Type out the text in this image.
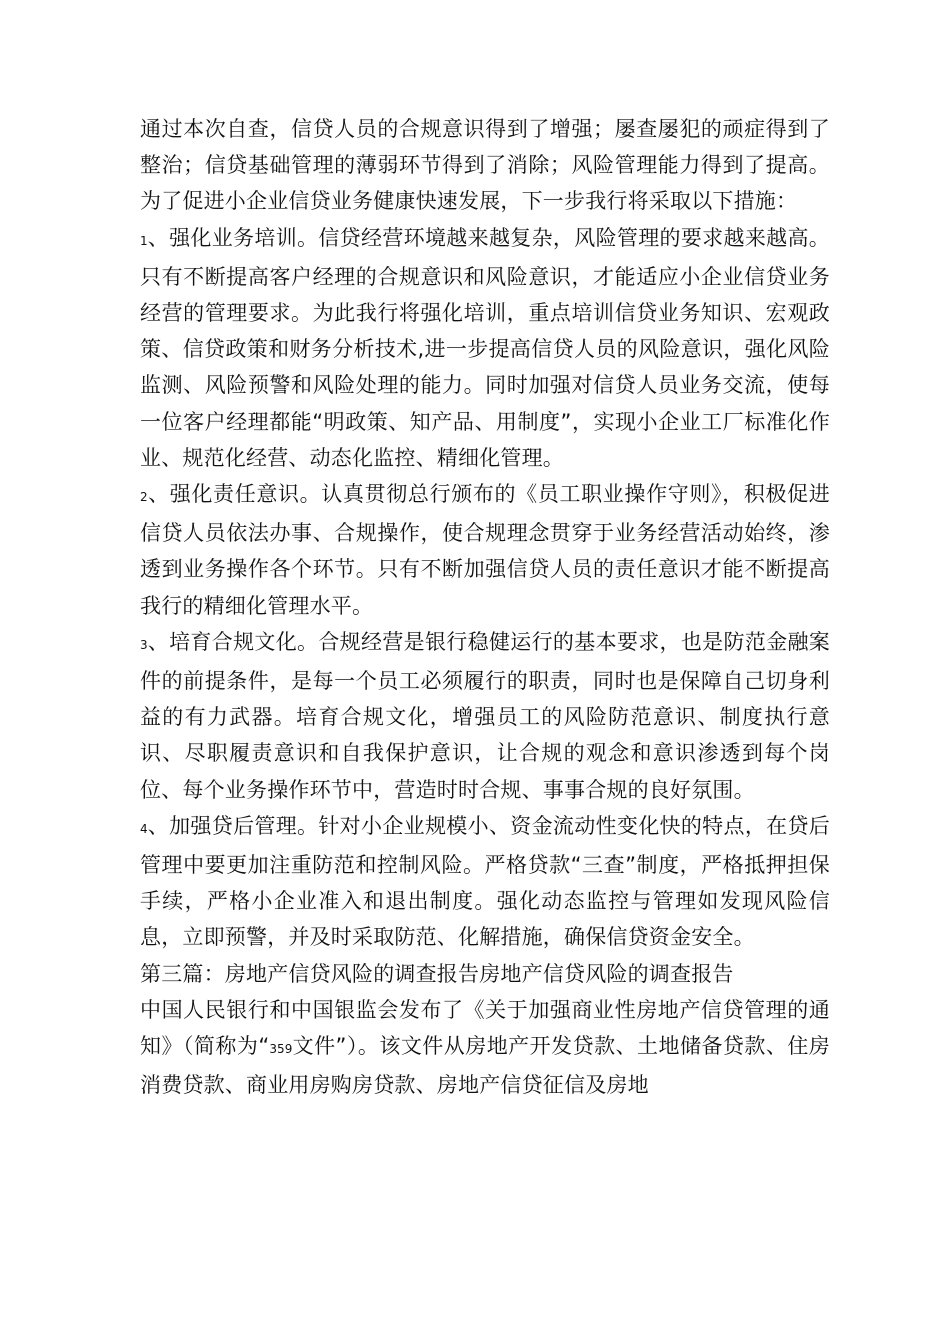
通过本次自查，信贷人员的合规意识得到了增强；屡查屡犯的顽症得到了整治；信贷基础管理的薄弱环节得到了消除；风险管理能力得到了提高。为了促进小企业信贷业务健康快速发展，下一步我行将采取以下措施：

1、强化业务培训。信贷经营环境越来越复杂，风险管理的要求越来越高。只有不断提高客户经理的合规意识和风险意识，才能适应小企业信贷业务经营的管理要求。为此我行将强化培训，重点培训信贷业务知识、宏观政策、信贷政策和财务分析技术,进一步提高信贷人员的风险意识，强化风险监测、风险预警和风险处理的能力。同时加强对信贷人员业务交流，使每一位客户经理都能“明政策、知产品、用制度”，实现小企业工厂标准化作业、规范化经营、动态化监控、精细化管理。

2、强化责任意识。认真贯彻总行颁布的《员工职业操作守则》，积极促进信贷人员依法办事、合规操作，使合规理念贯穿于业务经营活动始终，渗透到业务操作各个环节。只有不断加强信贷人员的责任意识才能不断提高我行的精细化管理水平。

3、培育合规文化。合规经营是银行稳健运行的基本要求，也是防范金融案件的前提条件，是每一个员工必须履行的职责，同时也是保障自己切身利益的有力武器。培育合规文化，增强员工的风险防范意识、制度执行意识、尽职履责意识和自我保护意识，让合规的观念和意识渗透到每个岗位、每个业务操作环节中，营造时时合规、事事合规的良好氛围。

4、加强贷后管理。针对小企业规模小、资金流动性变化快的特点，在贷后管理中要更加注重防范和控制风险。严格贷款“三查”制度，严格抵押担保手续，严格小企业准入和退出制度。强化动态监控与管理如发现风险信息，立即预警，并及时采取防范、化解措施，确保信贷资金安全。

第三篇：房地产信贷风险的调查报告房地产信贷风险的调查报告

中国人民银行和中国银监会发布了《关于加强商业性房地产信贷管理的通知》（简称为“359文件”）。该文件从房地产开发贷款、土地储备贷款、住房消费贷款、商业用房购房贷款、房地产信贷征信及房地
